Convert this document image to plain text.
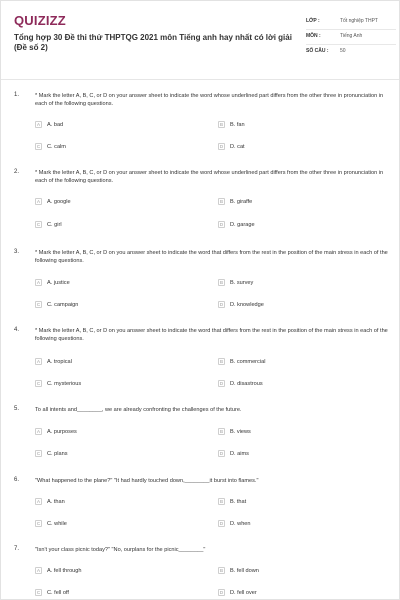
QUIZIZZ
Tổng hợp 30 Đề thi thử THPTQG 2021 môn Tiếng anh hay nhất có lời giải (Đề số 2)
LỚP :	Tốt nghiệp THPT
MÔN :	Tiếng Anh
SỐ CÂU :	50
1.	* Mark the letter A, B, C, or D on your answer sheet to indicate the word whose underlined part differs from the other three in pronunciation in each of the following questions.
A	A. bad	B	B. fan
C	C. calm	D	D. cat
2.	* Mark the letter A, B, C, or D on your answer sheet to indicate the word whose underlined part differs from the other three in pronunciation in each of the following questions.
A	A. google	B	B. giraffe
C	C. girl	D	D. garage
3.	* Mark the letter A, B, C, or D on you answer sheet to indicate the word that differs from the rest in the position of the main stress in each of the following questions.
A	A. justice	B	B. survey
C	C. campaign	D	D. knowledge
4.	* Mark the letter A, B, C, or D on you answer sheet to indicate the word that differs from the rest in the position of the main stress in each of the following questions.
A	A. tropical	B	B. commercial
C	C. mysterious	D	D. disastrous
5.	To all intents and________, we are already confronting the challenges of the future.
A	A. purposes	B	B. views
C	C. plans	D	D. aims
6.	"What happened to the plane?" "It had hardly touched down,________it burst into flames."
A	A. than	B	B. that
C	C. while	D	D. when
7.	"Isn't your class picnic today?" "No, ourplans for the picnic________"
A	A. fell through	B	B. fell down
C	C. fell off	D	D. fell over
